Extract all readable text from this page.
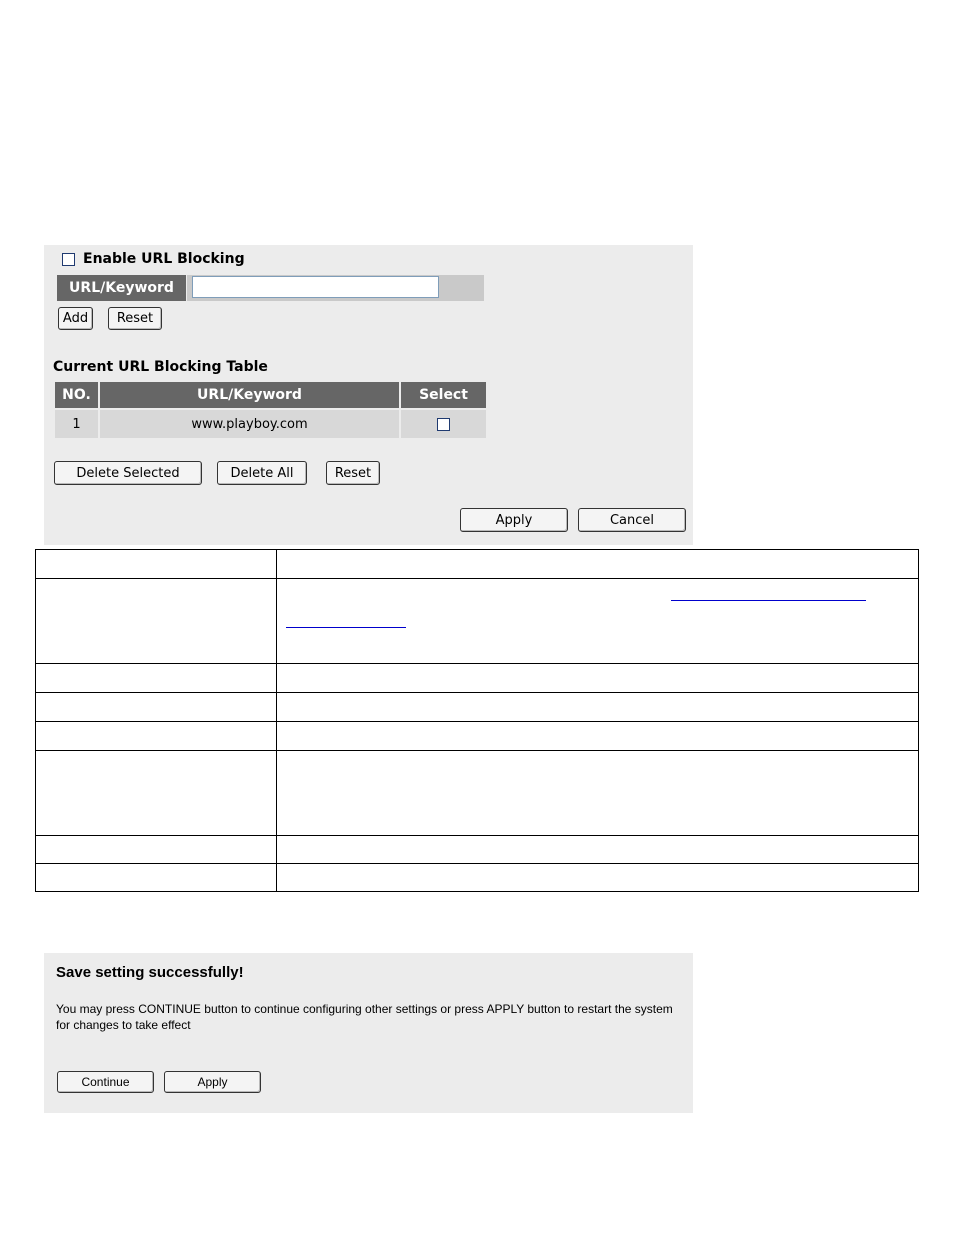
Enable URL Blocking
URL/Keyword
Add	Reset
Current URL Blocking Table
NO.	URL/Keyword	Select
1	www.playboy.com
Delete Selected	Delete All	Reset
Apply	Cancel
Save setting successfully!
You may press CONTINUE button to continue configuring other settings or press APPLY button to restart the system for changes to take effect
Continue	Apply
